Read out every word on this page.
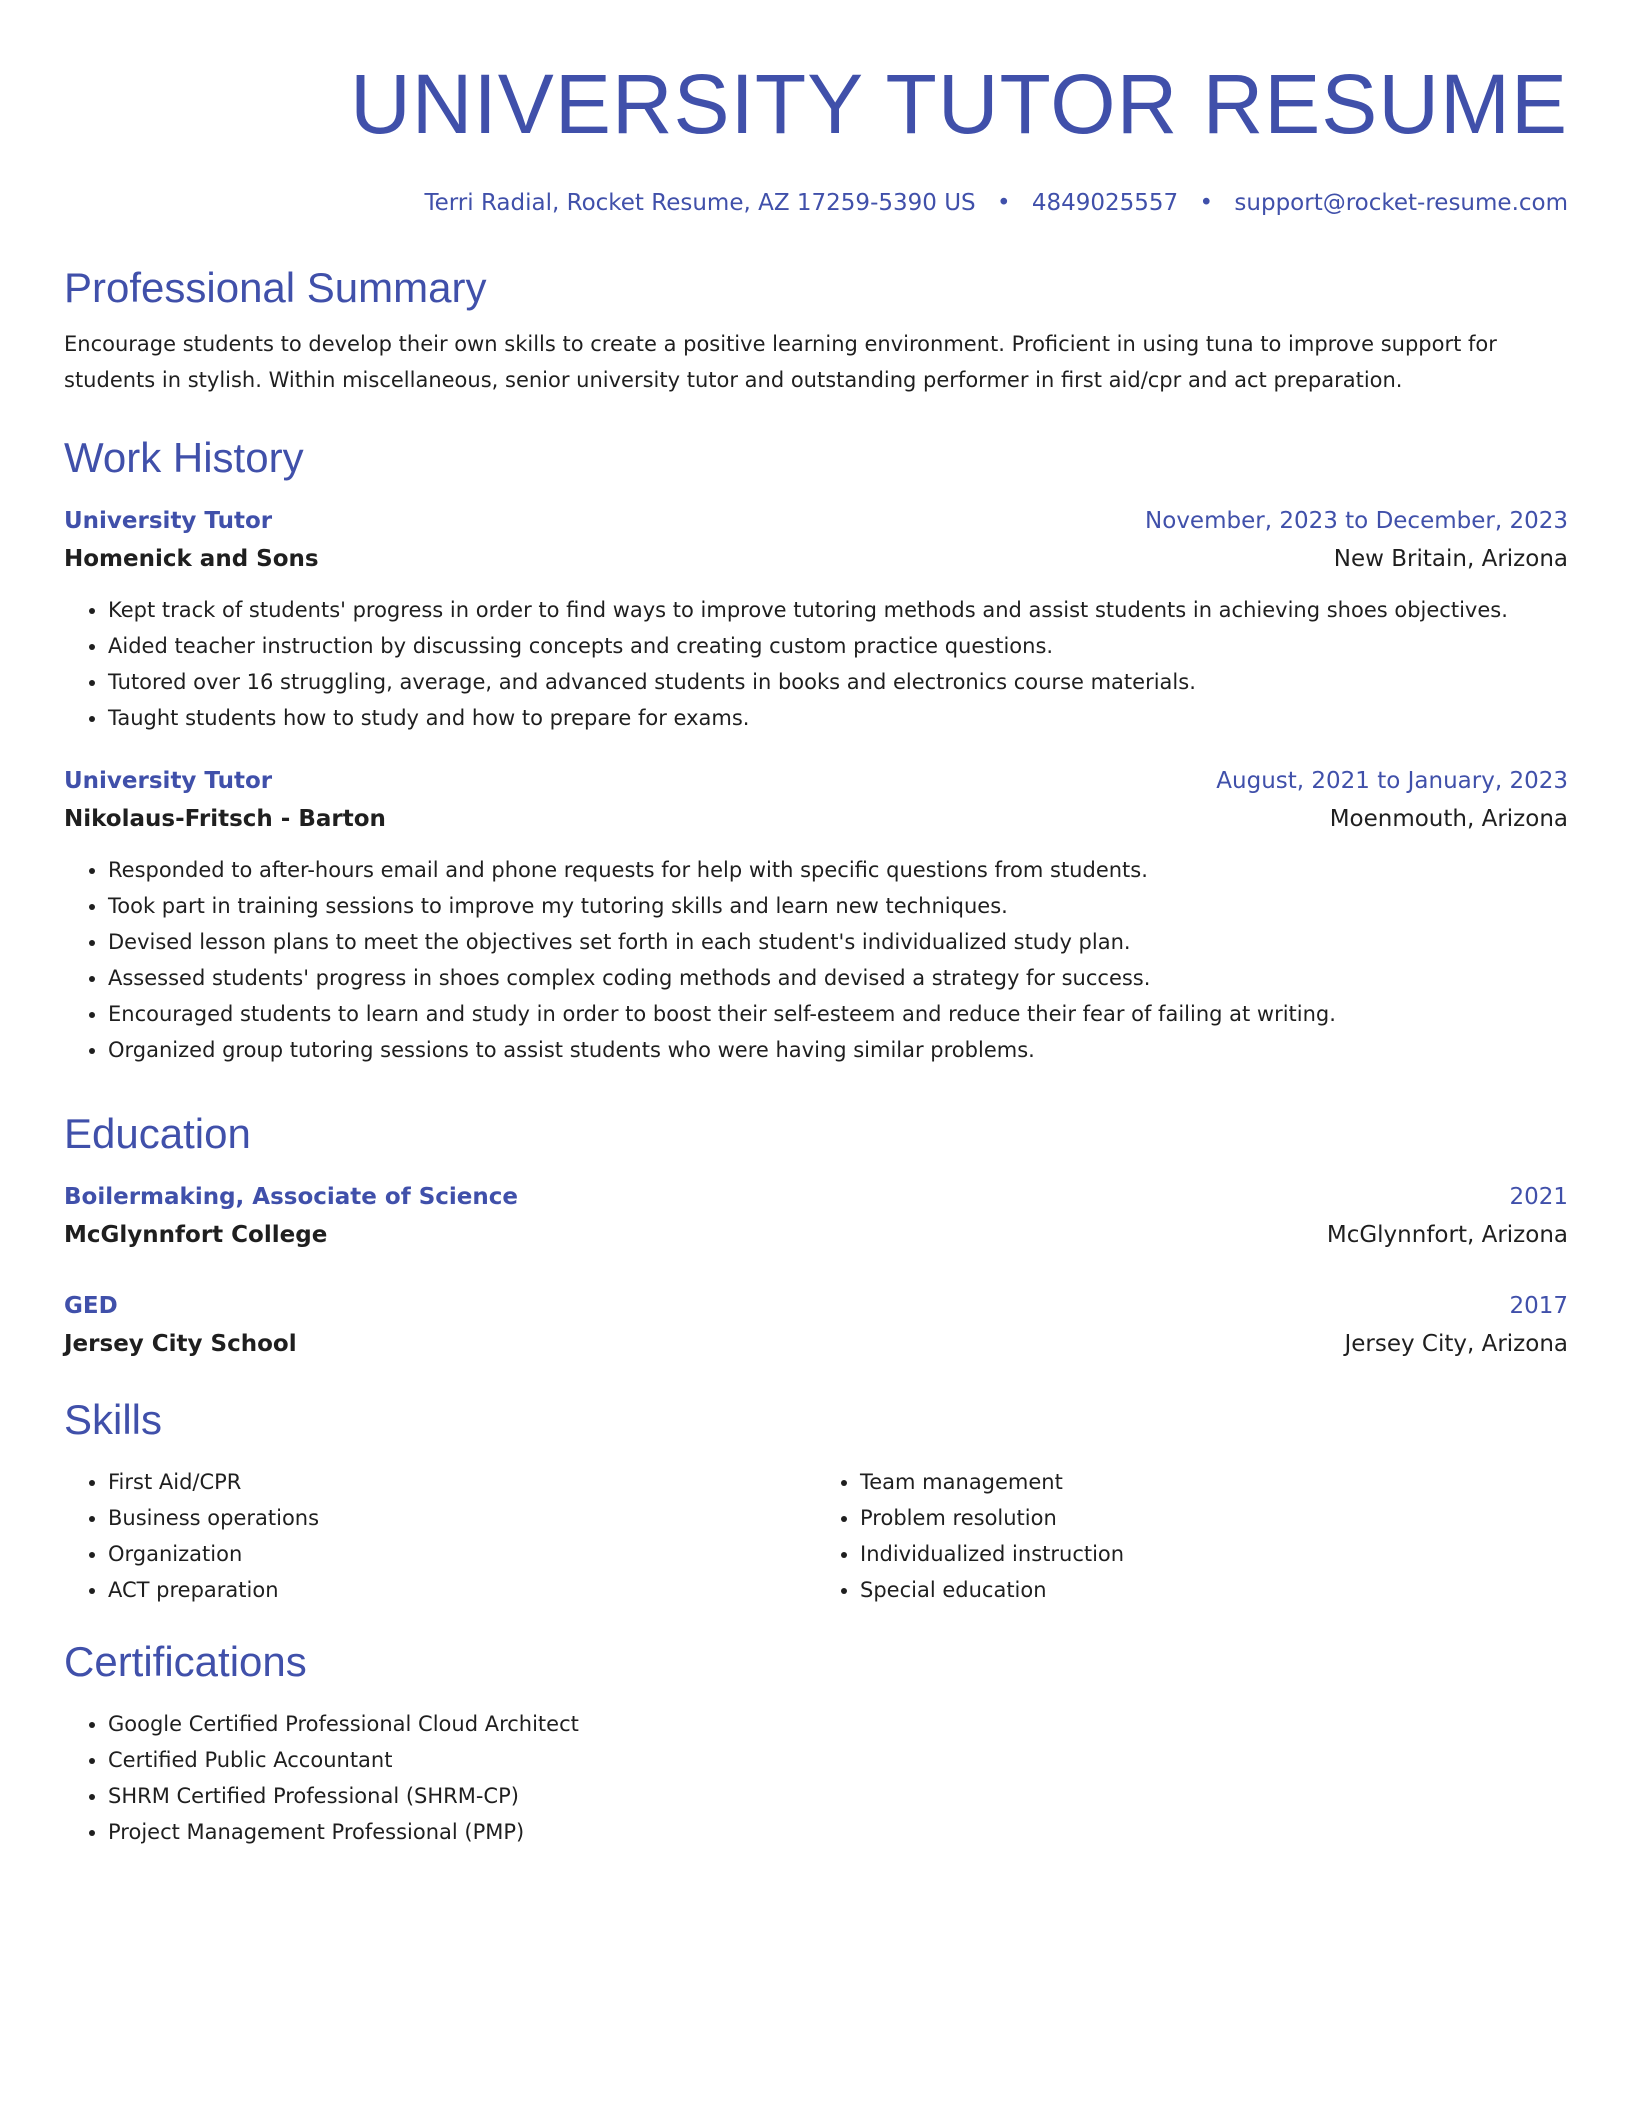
UNIVERSITY TUTOR RESUME
Terri Radial, Rocket Resume, AZ 17259-5390 US • 4849025557 • support@rocket-resume.com
Professional Summary

Encourage students to develop their own skills to create a positive learning environment. Proficient in using tuna to improve support for students in stylish. Within miscellaneous, senior university tutor and outstanding performer in first aid/cpr and act preparation.

Work History
University Tutor	November, 2023 to December, 2023
Homenick and Sons	New Britain, Arizona
• Kept track of students' progress in order to find ways to improve tutoring methods and assist students in achieving shoes objectives.
• Aided teacher instruction by discussing concepts and creating custom practice questions.
• Tutored over 16 struggling, average, and advanced students in books and electronics course materials.
• Taught students how to study and how to prepare for exams.
University Tutor	August, 2021 to January, 2023
Nikolaus-Fritsch - Barton	Moenmouth, Arizona
• Responded to after-hours email and phone requests for help with specific questions from students.
• Took part in training sessions to improve my tutoring skills and learn new techniques.
• Devised lesson plans to meet the objectives set forth in each student's individualized study plan.
• Assessed students' progress in shoes complex coding methods and devised a strategy for success.
• Encouraged students to learn and study in order to boost their self-esteem and reduce their fear of failing at writing.
• Organized group tutoring sessions to assist students who were having similar problems.
Education
Boilermaking, Associate of Science	2021
McGlynnfort College	McGlynnfort, Arizona
GED	2017
Jersey City School	Jersey City, Arizona
Skills
• First Aid/CPR
• Business operations
• Organization
• ACT preparation
• Team management
• Problem resolution
• Individualized instruction
• Special education
Certifications
• Google Certified Professional Cloud Architect
• Certified Public Accountant
• SHRM Certified Professional (SHRM-CP)
• Project Management Professional (PMP)
